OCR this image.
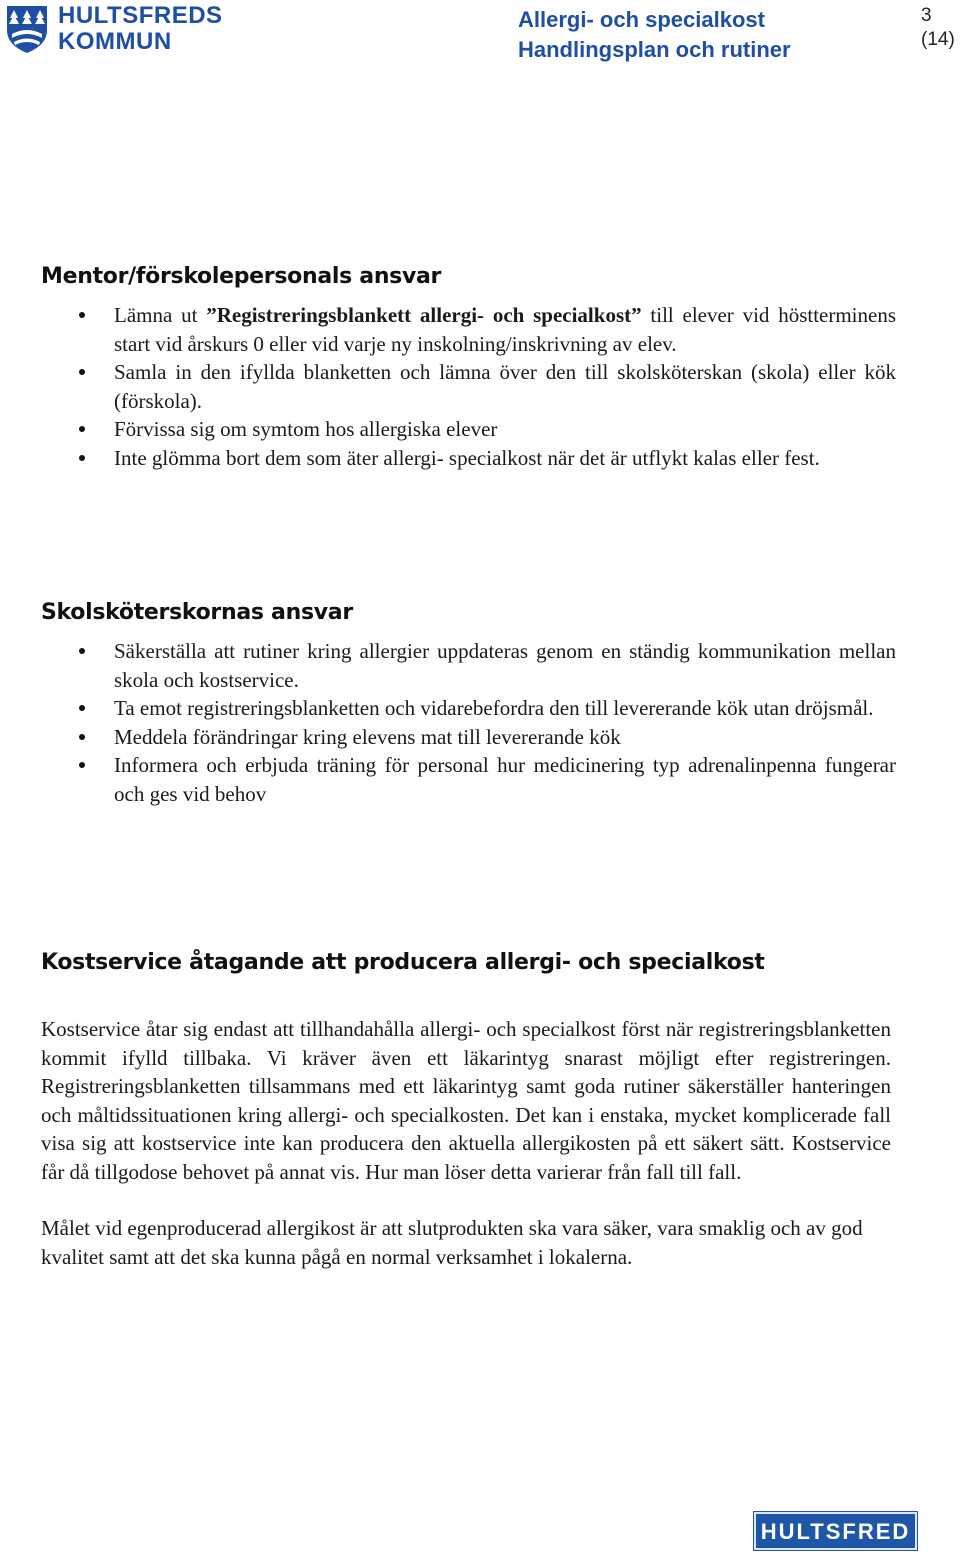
HULTSFREDS
KOMMUN
Allergi- och specialkost
Handlingsplan och rutiner
3
(14)
Mentor/förskolepersonals ansvar
Lämna ut ”Registreringsblankett allergi- och specialkost” till elever vid höstterminens start vid årskurs 0 eller vid varje ny inskolning/inskrivning av elev.
Samla in den ifyllda blanketten och lämna över den till skolsköterskan (skola) eller kök (förskola).
Förvissa sig om symtom hos allergiska elever
Inte glömma bort dem som äter allergi- specialkost när det är utflykt kalas eller fest.
Skolsköterskornas ansvar
Säkerställa att rutiner kring allergier uppdateras genom en ständig kommunikation mellan skola och kostservice.
Ta emot registreringsblanketten och vidarebefordra den till levererande kök utan dröjsmål.
Meddela förändringar kring elevens mat till levererande kök
Informera och erbjuda träning för personal hur medicinering typ adrenalinpenna fungerar och ges vid behov
Kostservice åtagande att producera allergi- och specialkost

Kostservice åtar sig endast att tillhandahålla allergi- och specialkost först när registreringsblanketten kommit ifylld tillbaka. Vi kräver även ett läkarintyg snarast möjligt efter registreringen. Registreringsblanketten tillsammans med ett läkarintyg samt goda rutiner säkerställer hanteringen och måltidssituationen kring allergi- och specialkosten. Det kan i enstaka, mycket komplicerade fall visa sig att kostservice inte kan producera den aktuella allergikosten på ett säkert sätt. Kostservice får då tillgodose behovet på annat vis. Hur man löser detta varierar från fall till fall.

Målet vid egenproducerad allergikost är att slutprodukten ska vara säker, vara smaklig och av god kvalitet samt att det ska kunna pågå en normal verksamhet i lokalerna.

HULTSFRED
